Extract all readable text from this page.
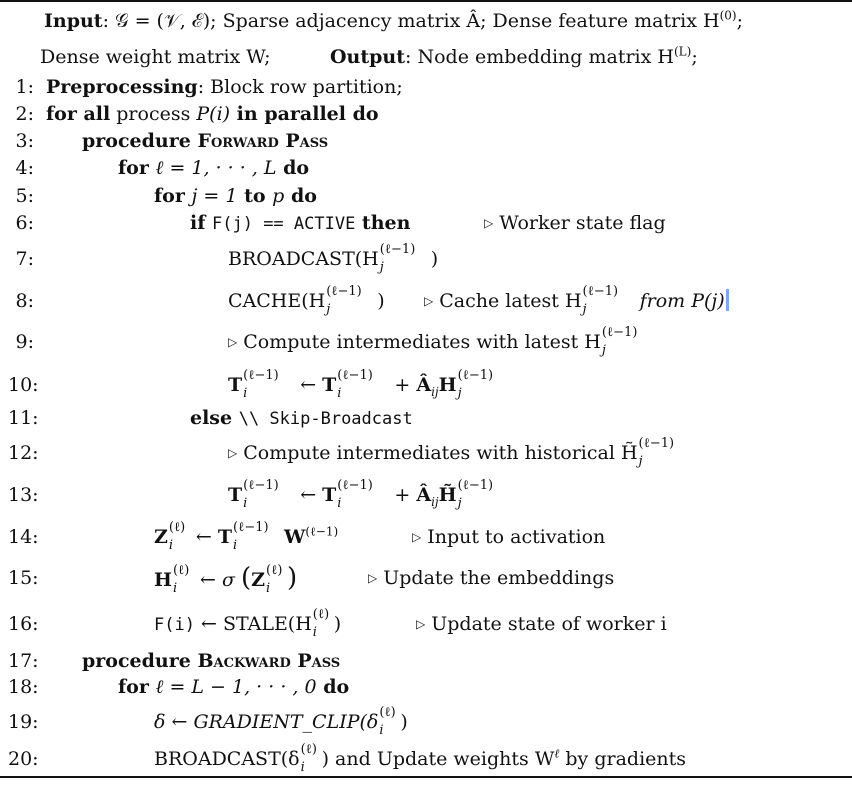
Input: 𝒢 = (𝒱, ℰ); Sparse adjacency matrix Â; Dense feature matrix $H^{(0)}$;
Dense weight matrix W;	Output: Node embedding matrix $H^{(L)}$;
1: Preprocessing: Block row partition;
2: for all process P(i) in parallel do
3:	procedure Forward Pass
4:	for ℓ = 1, · · · , L do
5:	for j = 1 to p do
6:	if F(j) == ACTIVE then	▷ Worker state flag
7:	BROADCAST(H (ℓ−1)
j )
8:	CACHE(H (ℓ−1)
j )	▷ Cache latest H (ℓ−1)
j from P(j)
9:	▷ Compute intermediates with latest H (ℓ−1)
j
10:	T (ℓ−1)
i	← T (ℓ−1)
i	+ $Â_{ij}H$ (ℓ−1)
j
11:	else \\ Skip-Broadcast
12:	▷ Compute intermediates with historical H̃ (ℓ−1)
j
13:	T (ℓ−1)
i	← T (ℓ−1)
i	+ $Â_{ij}H̃$ (ℓ−1)
j
14:	Z (ℓ)
i ← T (ℓ−1)
i $W^{(\ell-1)}$	▷ Input to activation
15:	H (ℓ)
i ← σ (Z (ℓ)
i )	▷ Update the embeddings
16:	F(i) ← STALE(H (ℓ)
i )	▷ Update state of worker i
17: procedure Backward Pass
18:	for ℓ = L − 1, · · · , 0 do
19:	δ ← GRADIENT_CLIP(δ (ℓ)
i )
20:	BROADCAST(δ (ℓ)
i ) and Update weights $W^\ell$ by gradients
